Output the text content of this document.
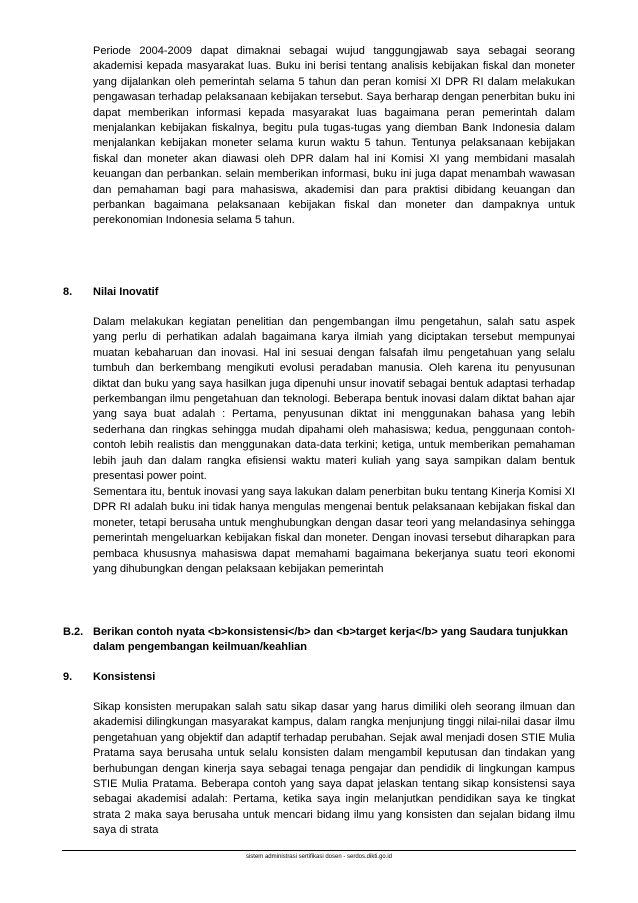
Periode 2004-2009 dapat dimaknai sebagai wujud tanggungjawab saya sebagai seorang akademisi kepada masyarakat luas. Buku ini berisi tentang analisis kebijakan fiskal dan moneter yang dijalankan oleh pemerintah selama 5 tahun dan peran komisi XI DPR RI dalam melakukan pengawasan terhadap pelaksanaan kebijakan tersebut. Saya berharap dengan penerbitan buku ini dapat memberikan informasi kepada masyarakat luas bagaimana peran pemerintah dalam menjalankan kebijakan fiskalnya, begitu pula tugas-tugas yang diemban Bank Indonesia dalam menjalankan kebijakan moneter selama kurun waktu 5 tahun. Tentunya pelaksanaan kebijakan fiskal dan moneter akan diawasi oleh DPR dalam hal ini Komisi XI yang membidani masalah keuangan dan perbankan. selain memberikan informasi, buku ini juga dapat menambah wawasan dan pemahaman bagi para mahasiswa, akademisi dan para praktisi dibidang keuangan dan perbankan bagaimana pelaksanaan kebijakan fiskal dan moneter dan dampaknya untuk perekonomian Indonesia selama 5 tahun.

8. Nilai Inovatif

Dalam melakukan kegiatan penelitian dan pengembangan ilmu pengetahun, salah satu aspek yang perlu di perhatikan adalah bagaimana karya ilmiah yang diciptakan tersebut mempunyai muatan kebaharuan dan inovasi. Hal ini sesuai dengan falsafah ilmu pengetahuan yang selalu tumbuh dan berkembang mengikuti evolusi peradaban manusia. Oleh karena itu penyusunan diktat dan buku yang saya hasilkan juga dipenuhi unsur inovatif sebagai bentuk adaptasi terhadap perkembangan ilmu pengetahuan dan teknologi. Beberapa bentuk inovasi dalam diktat bahan ajar yang saya buat adalah : Pertama, penyusunan diktat ini menggunakan bahasa yang lebih sederhana dan ringkas sehingga mudah dipahami oleh mahasiswa; kedua, penggunaan contoh-contoh lebih realistis dan menggunakan data-data terkini; ketiga, untuk memberikan pemahaman lebih jauh dan dalam rangka efisiensi waktu materi kuliah yang saya sampikan dalam bentuk presentasi power point.

Sementara itu, bentuk inovasi yang saya lakukan dalam penerbitan buku tentang Kinerja Komisi XI DPR RI adalah buku ini tidak hanya mengulas mengenai bentuk pelaksanaan kebijakan fiskal dan moneter, tetapi berusaha untuk menghubungkan dengan dasar teori yang melandasinya sehingga pemerintah mengeluarkan kebijakan fiskal dan moneter. Dengan inovasi tersebut diharapkan para pembaca khususnya mahasiswa dapat memahami bagaimana bekerjanya suatu teori ekonomi yang dihubungkan dengan pelaksaan kebijakan pemerintah

B.2. Berikan contoh nyata <b>konsistensi</b> dan <b>target kerja</b> yang Saudara tunjukkan dalam pengembangan keilmuan/keahlian
9. Konsistensi

Sikap konsisten merupakan salah satu sikap dasar yang harus dimiliki oleh seorang ilmuan dan akademisi dilingkungan masyarakat kampus, dalam rangka menjunjung tinggi nilai-nilai dasar ilmu pengetahuan yang objektif dan adaptif terhadap perubahan. Sejak awal menjadi dosen STIE Mulia Pratama saya berusaha untuk selalu konsisten dalam mengambil keputusan dan tindakan yang berhubungan dengan kinerja saya sebagai tenaga pengajar dan pendidik di lingkungan kampus STIE Mulia Pratama. Beberapa contoh yang saya dapat jelaskan tentang sikap konsistensi saya sebagai akademisi adalah: Pertama, ketika saya ingin melanjutkan pendidikan saya ke tingkat strata 2 maka saya berusaha untuk mencari bidang ilmu yang konsisten dan sejalan bidang ilmu saya di strata

sistem administrasi sertifikasi dosen - serdos.dikti.go.id
